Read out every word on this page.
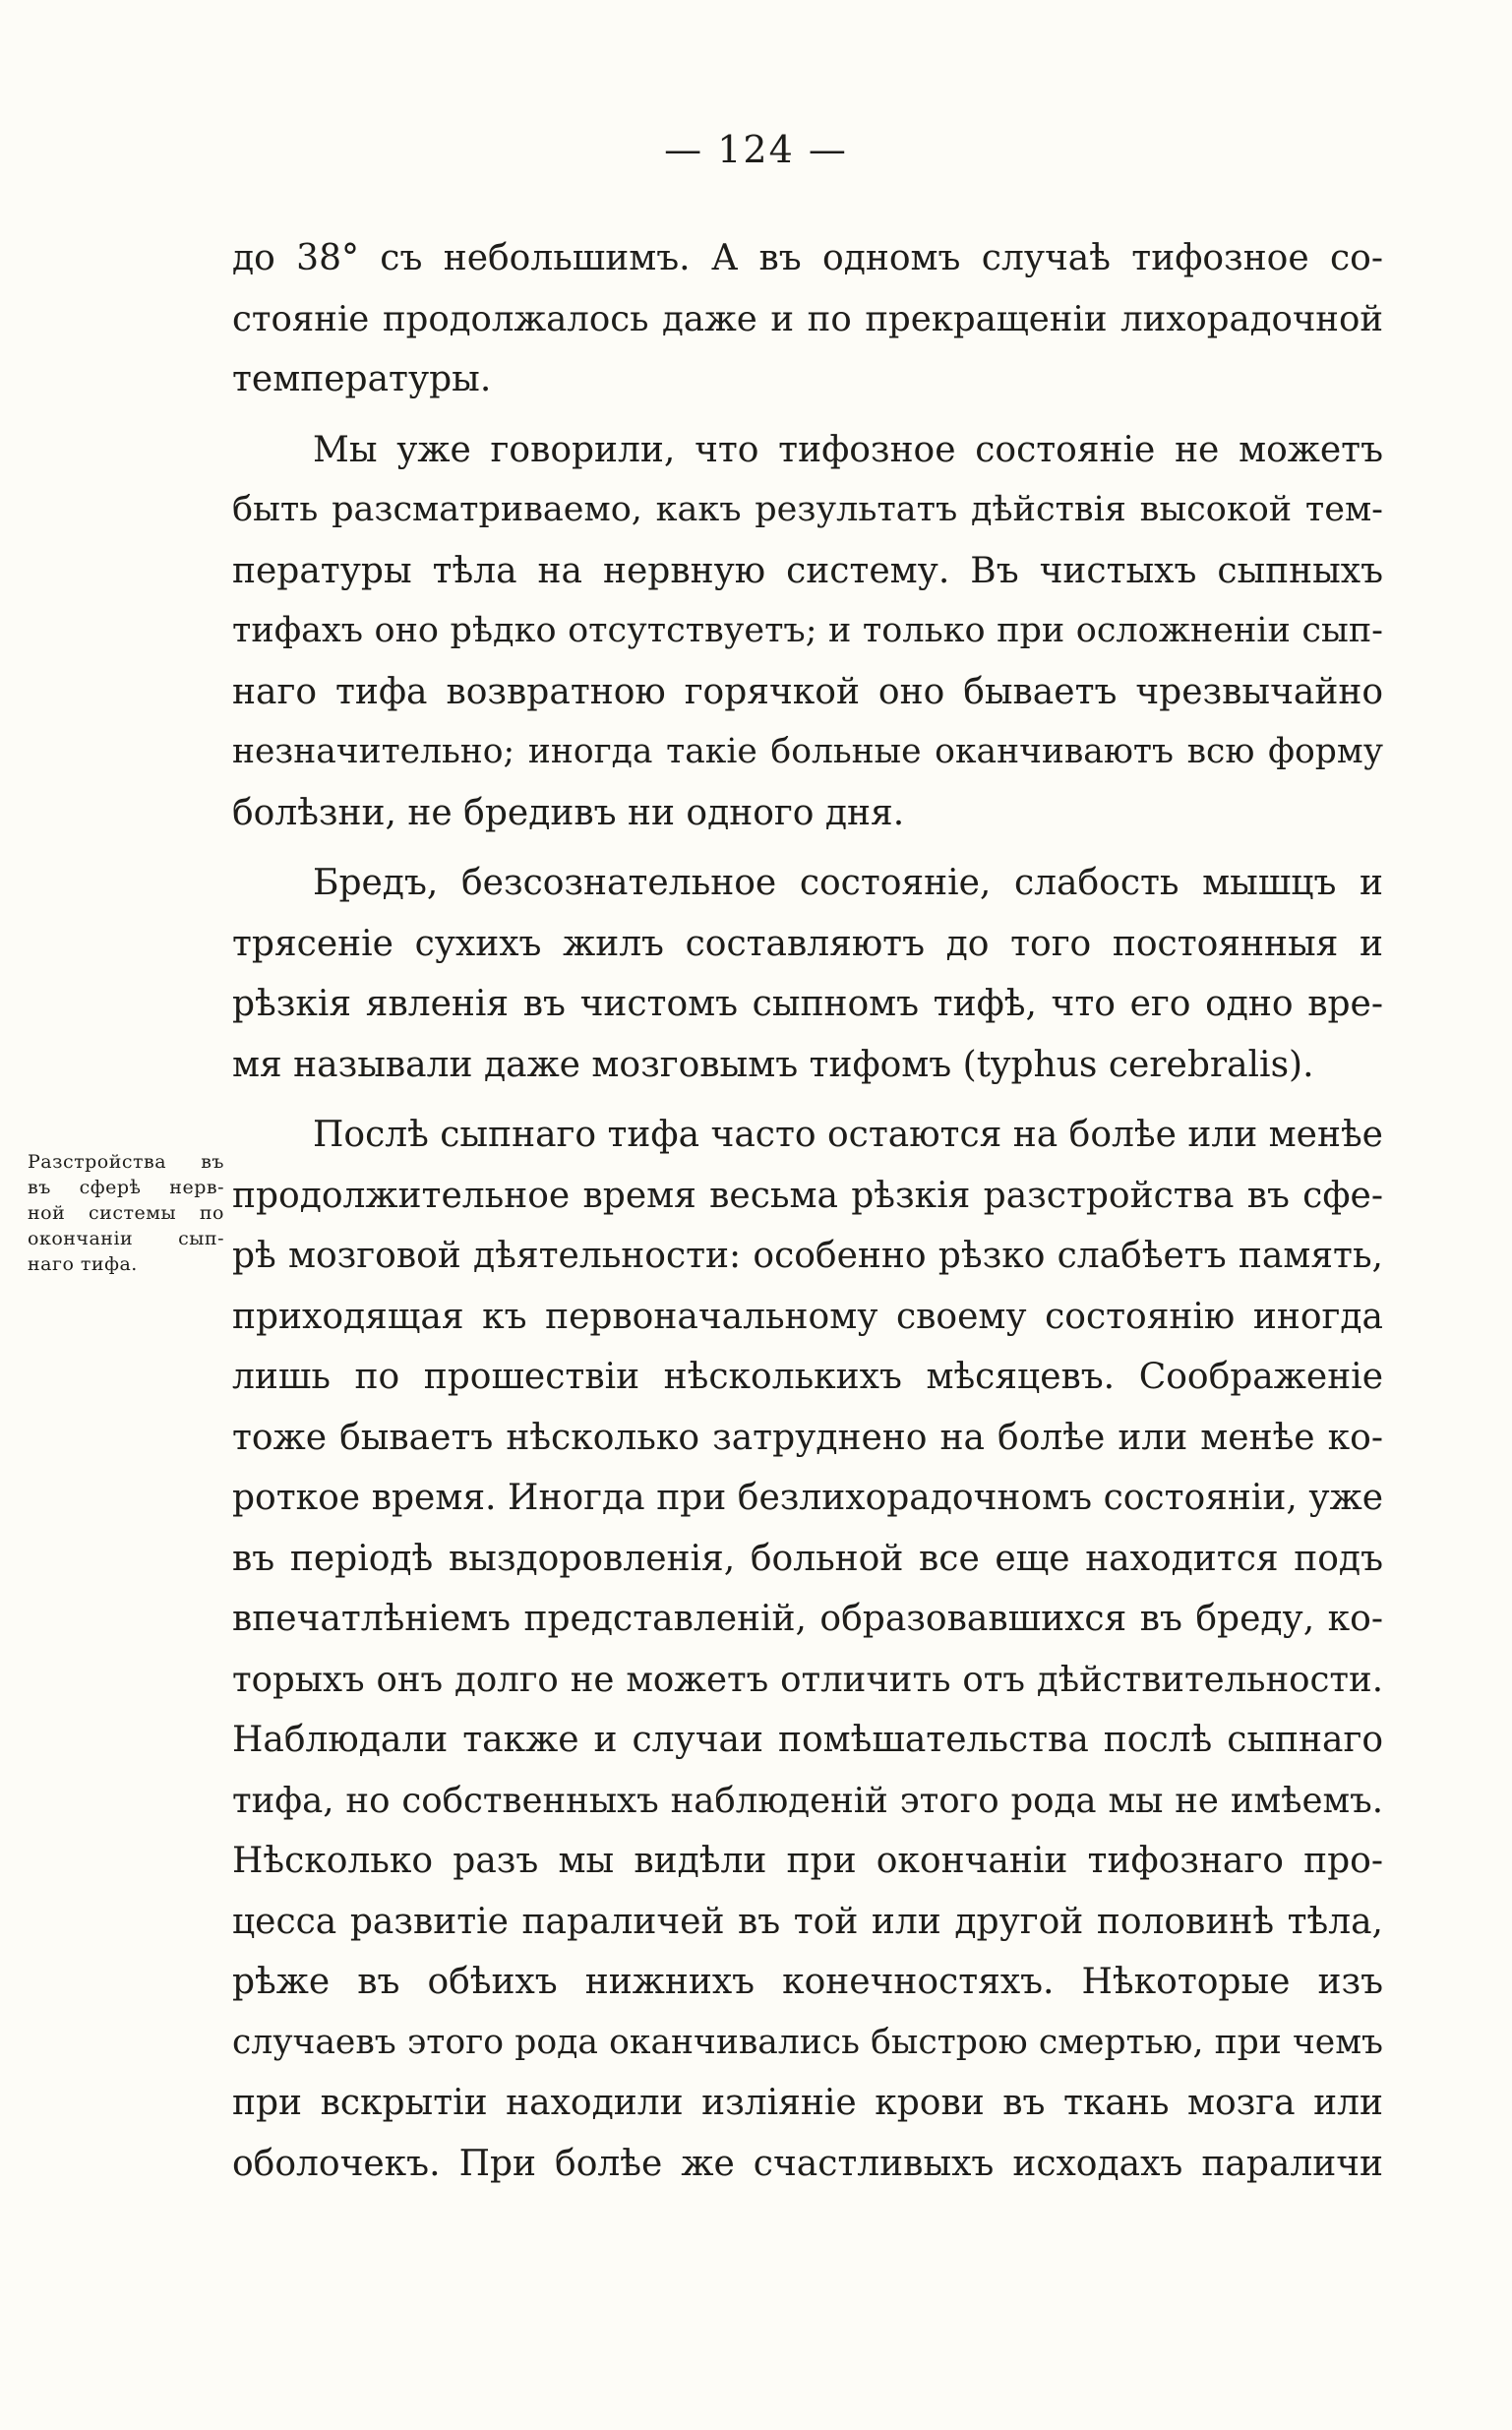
— 124 —
Разстройства въ
въ сферѣ нерв-
ной системы по
окончаніи сып-
наго тифа.
до 38° съ небольшимъ. А въ одномъ случаѣ тифозное со-
стояніе продолжалось даже и по прекращеніи лихорадочной
температуры.
Мы уже говорили, что тифозное состояніе не можетъ
быть разсматриваемо, какъ результатъ дѣйствія высокой тем-
пературы тѣла на нервную систему. Въ чистыхъ сыпныхъ
тифахъ оно рѣдко отсутствуетъ; и только при осложненіи сып-
наго тифа возвратною горячкой оно бываетъ чрезвычайно
незначительно; иногда такіе больные оканчиваютъ всю форму
болѣзни, не бредивъ ни одного дня.
Бредъ, безсознательное состояніе, слабость мышцъ и
трясеніе сухихъ жилъ составляютъ до того постоянныя и
рѣзкія явленія въ чистомъ сыпномъ тифѣ, что его одно вре-
мя называли даже мозговымъ тифомъ (typhus cerebralis).
Послѣ сыпнаго тифа часто остаются на болѣе или менѣе
продолжительное время весьма рѣзкія разстройства въ сфе-
рѣ мозговой дѣятельности: особенно рѣзко слабѣетъ память,
приходящая къ первоначальному своему состоянію иногда
лишь по прошествіи нѣсколькихъ мѣсяцевъ. Соображеніе
тоже бываетъ нѣсколько затруднено на болѣе или менѣе ко-
роткое время. Иногда при безлихорадочномъ состояніи, уже
въ періодѣ выздоровленія, больной все еще находится подъ
впечатлѣніемъ представленій, образовавшихся въ бреду, ко-
торыхъ онъ долго не можетъ отличить отъ дѣйствительности.
Наблюдали также и случаи помѣшательства послѣ сыпнаго
тифа, но собственныхъ наблюденій этого рода мы не имѣемъ.
Нѣсколько разъ мы видѣли при окончаніи тифознаго про-
цесса развитіе параличей въ той или другой половинѣ тѣла,
рѣже въ обѣихъ нижнихъ конечностяхъ. Нѣкоторые изъ
случаевъ этого рода оканчивались быстрою смертью, при чемъ
при вскрытіи находили изліяніе крови въ ткань мозга или
оболочекъ. При болѣе же счастливыхъ исходахъ параличи
